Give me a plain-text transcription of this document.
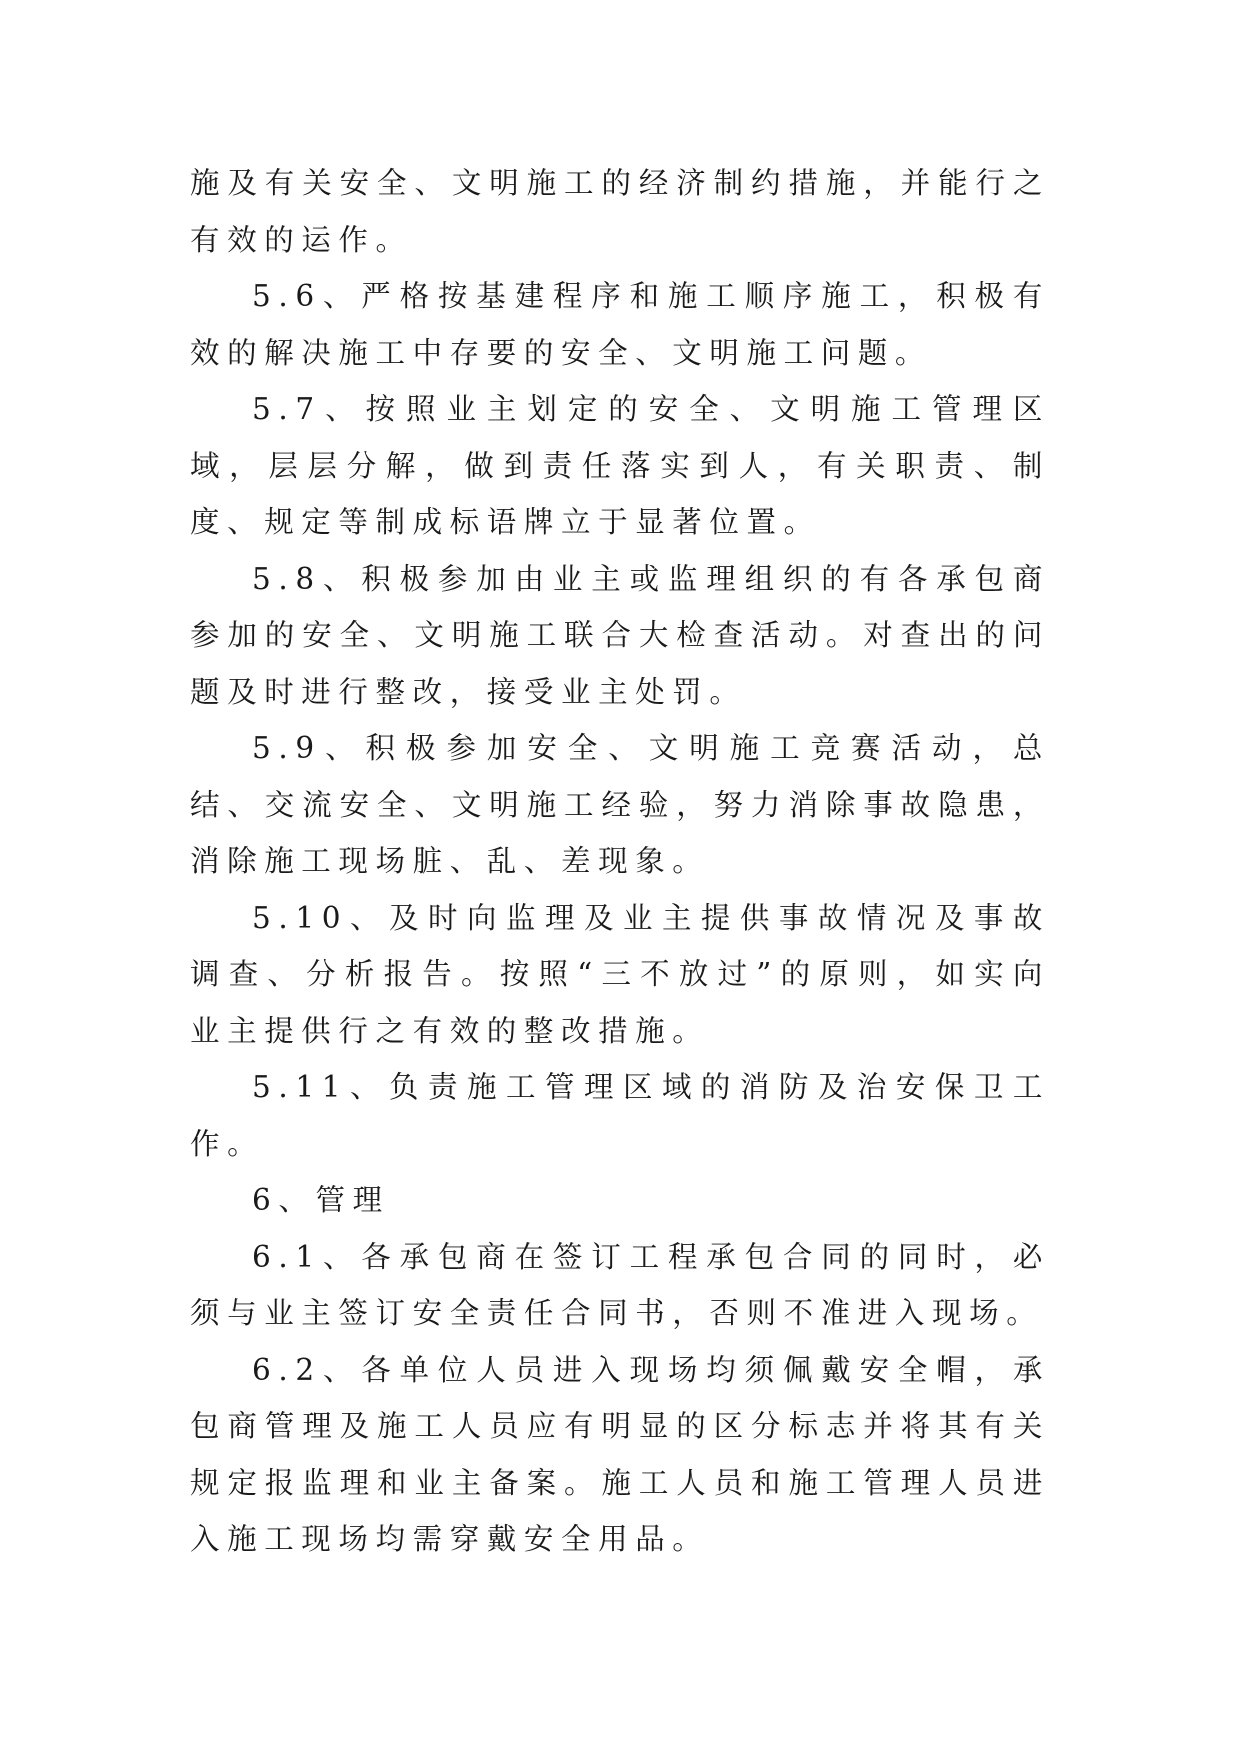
施及有关安全、文明施工的经济制约措施，并能行之有效的运作。

5.6、严格按基建程序和施工顺序施工，积极有效的解决施工中存要的安全、文明施工问题。

5.7、按照业主划定的安全、文明施工管理区域，层层分解，做到责任落实到人，有关职责、制度、规定等制成标语牌立于显著位置。

5.8、积极参加由业主或监理组织的有各承包商参加的安全、文明施工联合大检查活动。对查出的问题及时进行整改，接受业主处罚。

5.9、积极参加安全、文明施工竞赛活动，总结、交流安全、文明施工经验，努力消除事故隐患，消除施工现场脏、乱、差现象。

5.10、及时向监理及业主提供事故情况及事故调查、分析报告。按照“三不放过”的原则，如实向业主提供行之有效的整改措施。

5.11、负责施工管理区域的消防及治安保卫工作。

6、管理

6.1、各承包商在签订工程承包合同的同时，必须与业主签订安全责任合同书，否则不准进入现场。

6.2、各单位人员进入现场均须佩戴安全帽，承包商管理及施工人员应有明显的区分标志并将其有关规定报监理和业主备案。施工人员和施工管理人员进入施工现场均需穿戴安全用品。
